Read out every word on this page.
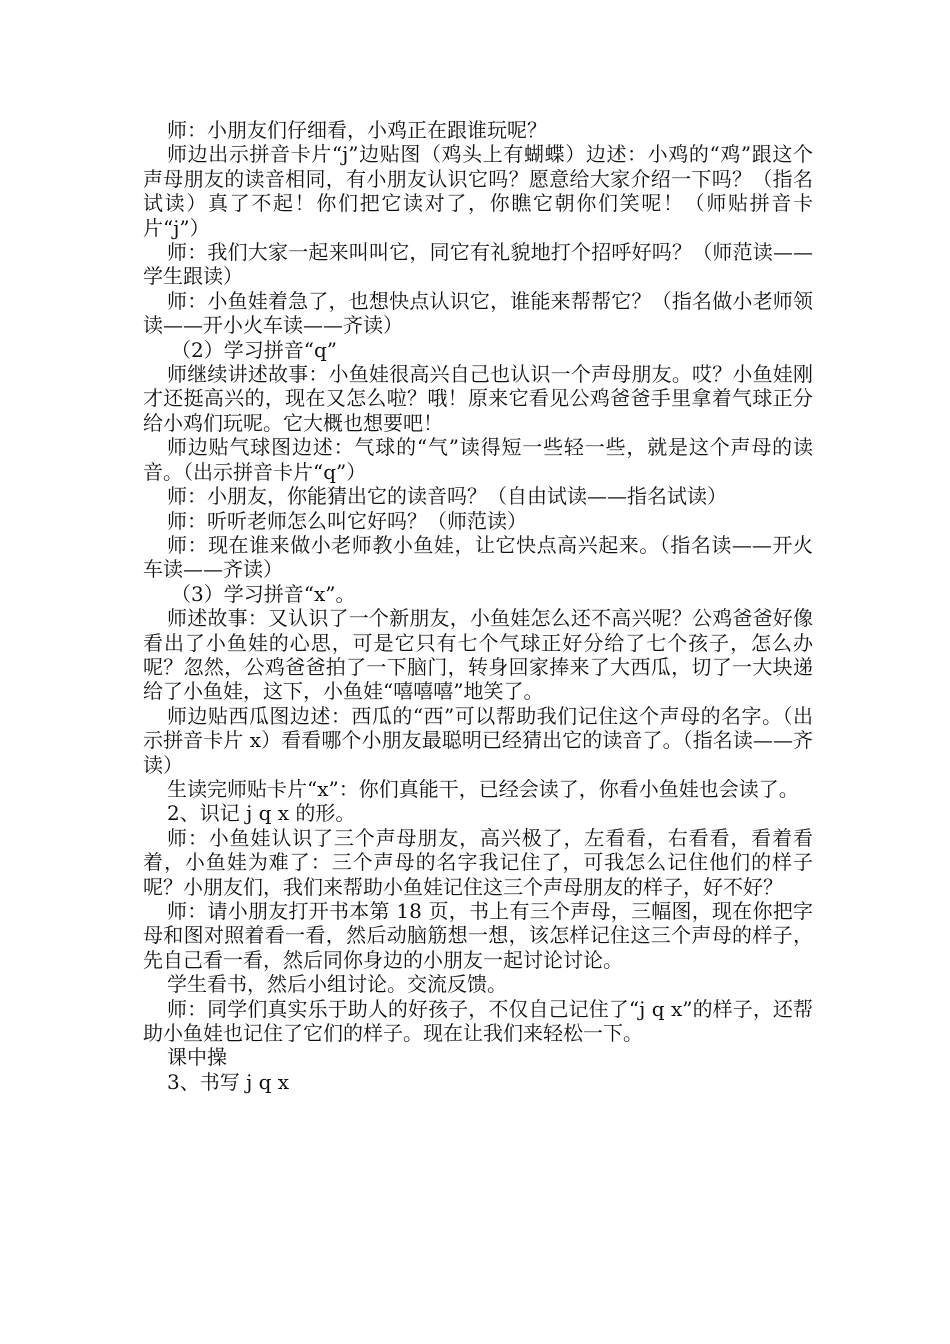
师：小朋友们仔细看，小鸡正在跟谁玩呢？

师边出示拼音卡片“j”边贴图（鸡头上有蝴蝶）边述：小鸡的“鸡”跟这个声母朋友的读音相同，有小朋友认识它吗？愿意给大家介绍一下吗？（指名试读）真了不起！你们把它读对了，你瞧它朝你们笑呢！（师贴拼音卡片“j”）

师：我们大家一起来叫叫它，同它有礼貌地打个招呼好吗？（师范读——学生跟读）

师：小鱼娃着急了，也想快点认识它，谁能来帮帮它？（指名做小老师领读——开小火车读——齐读）

（2）学习拼音“q”

师继续讲述故事：小鱼娃很高兴自己也认识一个声母朋友。哎？小鱼娃刚才还挺高兴的，现在又怎么啦？哦！原来它看见公鸡爸爸手里拿着气球正分给小鸡们玩呢。它大概也想要吧！

师边贴气球图边述：气球的“气”读得短一些轻一些，就是这个声母的读音。（出示拼音卡片“q”）

师：小朋友，你能猜出它的读音吗？（自由试读——指名试读）

师：听听老师怎么叫它好吗？（师范读）

师：现在谁来做小老师教小鱼娃，让它快点高兴起来。（指名读——开火车读——齐读）

（3）学习拼音“x”。

师述故事：又认识了一个新朋友，小鱼娃怎么还不高兴呢？公鸡爸爸好像看出了小鱼娃的心思，可是它只有七个气球正好分给了七个孩子，怎么办呢？忽然，公鸡爸爸拍了一下脑门，转身回家捧来了大西瓜，切了一大块递给了小鱼娃，这下，小鱼娃“嘻嘻嘻”地笑了。

师边贴西瓜图边述：西瓜的“西”可以帮助我们记住这个声母的名字。（出示拼音卡片 x）看看哪个小朋友最聪明已经猜出它的读音了。（指名读——齐读）

生读完师贴卡片“x”：你们真能干，已经会读了，你看小鱼娃也会读了。

2、识记 j q x 的形。

师：小鱼娃认识了三个声母朋友，高兴极了，左看看，右看看，看着看着，小鱼娃为难了：三个声母的名字我记住了，可我怎么记住他们的样子呢？小朋友们，我们来帮助小鱼娃记住这三个声母朋友的样子，好不好？

师：请小朋友打开书本第 18 页，书上有三个声母，三幅图，现在你把字母和图对照着看一看，然后动脑筋想一想，该怎样记住这三个声母的样子，先自己看一看，然后同你身边的小朋友一起讨论讨论。

学生看书，然后小组讨论。交流反馈。

师：同学们真实乐于助人的好孩子，不仅自己记住了“j q x”的样子，还帮助小鱼娃也记住了它们的样子。现在让我们来轻松一下。

课中操

3、书写 j q x
